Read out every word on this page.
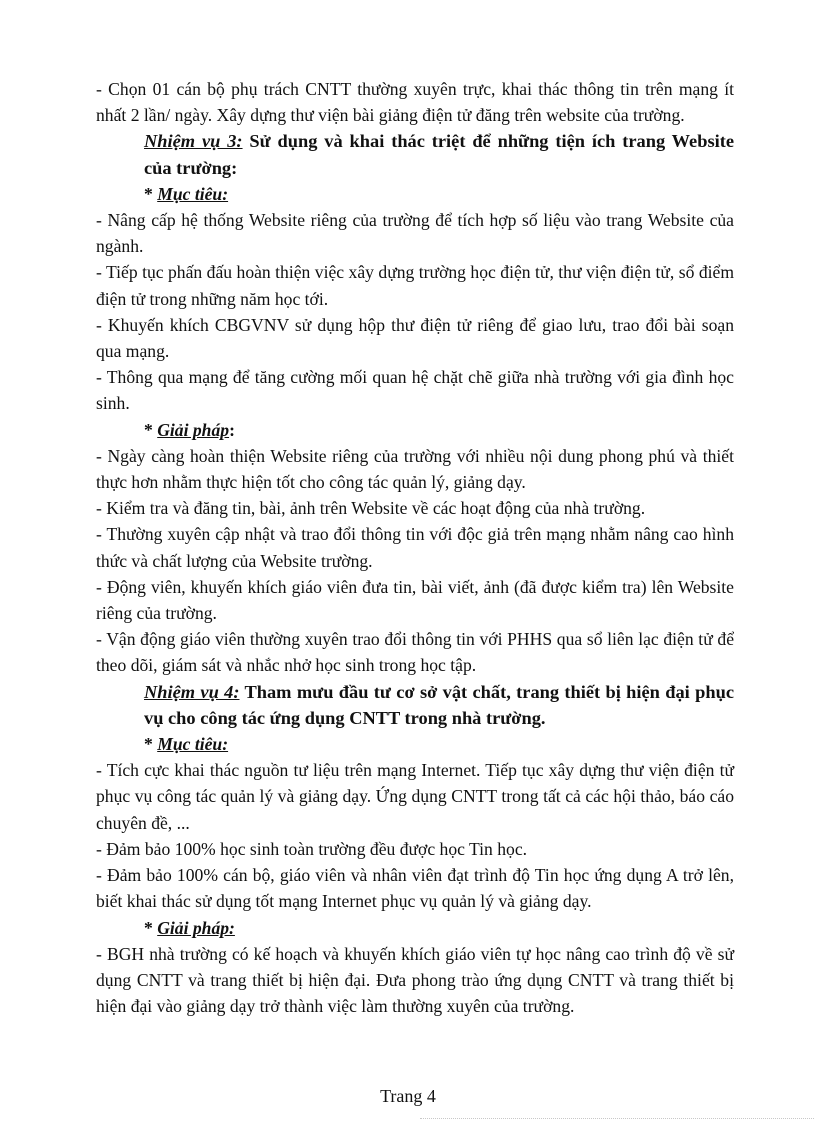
- Chọn 01 cán bộ phụ trách CNTT thường xuyên trực, khai thác thông tin trên mạng ít nhất 2 lần/ ngày. Xây dựng thư viện bài giảng điện tử đăng trên website của trường.

Nhiệm vụ 3: Sử dụng và khai thác triệt để những tiện ích trang Website của trường:

* Mục tiêu:

- Nâng cấp hệ thống Website riêng của trường để tích hợp số liệu vào trang Website của ngành.

- Tiếp tục phấn đấu hoàn thiện việc xây dựng trường học điện tử, thư viện điện tử, sổ điểm điện tử trong những năm học tới.

- Khuyến khích CBGVNV sử dụng hộp thư điện tử riêng để giao lưu, trao đổi bài soạn qua mạng.

- Thông qua mạng để tăng cường mối quan hệ chặt chẽ giữa nhà trường với gia đình học sinh.

* Giải pháp:

- Ngày càng hoàn thiện Website riêng của trường với nhiều nội dung phong phú và thiết thực hơn nhằm thực hiện tốt cho công tác quản lý, giảng dạy.

- Kiểm tra và đăng tin, bài, ảnh trên Website về các hoạt động của nhà trường.

- Thường xuyên cập nhật và trao đổi thông tin với độc giả trên mạng nhằm nâng cao hình thức và chất lượng của Website trường.

- Động viên, khuyến khích giáo viên đưa tin, bài viết, ảnh (đã được kiểm tra) lên Website riêng của trường.

- Vận động giáo viên thường xuyên trao đổi thông tin với PHHS qua sổ liên lạc điện tử để theo dõi, giám sát và nhắc nhở học sinh trong học tập.

Nhiệm vụ 4: Tham mưu đầu tư cơ sở vật chất, trang thiết bị hiện đại phục vụ cho công tác ứng dụng CNTT trong nhà trường.

* Mục tiêu:

- Tích cực khai thác nguồn tư liệu trên mạng Internet. Tiếp tục xây dựng thư viện điện tử phục vụ công tác quản lý và giảng dạy. Ứng dụng CNTT trong tất cả các hội thảo, báo cáo chuyên đề, ...

- Đảm bảo 100% học sinh toàn trường đều được học Tin học.

- Đảm bảo 100% cán bộ, giáo viên và nhân viên đạt trình độ Tin học ứng dụng A trở lên, biết khai thác sử dụng tốt mạng Internet phục vụ quản lý và giảng dạy.

* Giải pháp:

- BGH nhà trường có kế hoạch và khuyến khích giáo viên tự học nâng cao trình độ về sử dụng CNTT và trang thiết bị hiện đại. Đưa phong trào ứng dụng CNTT và trang thiết bị hiện đại vào giảng dạy trở thành việc làm thường xuyên của trường.

Trang 4
